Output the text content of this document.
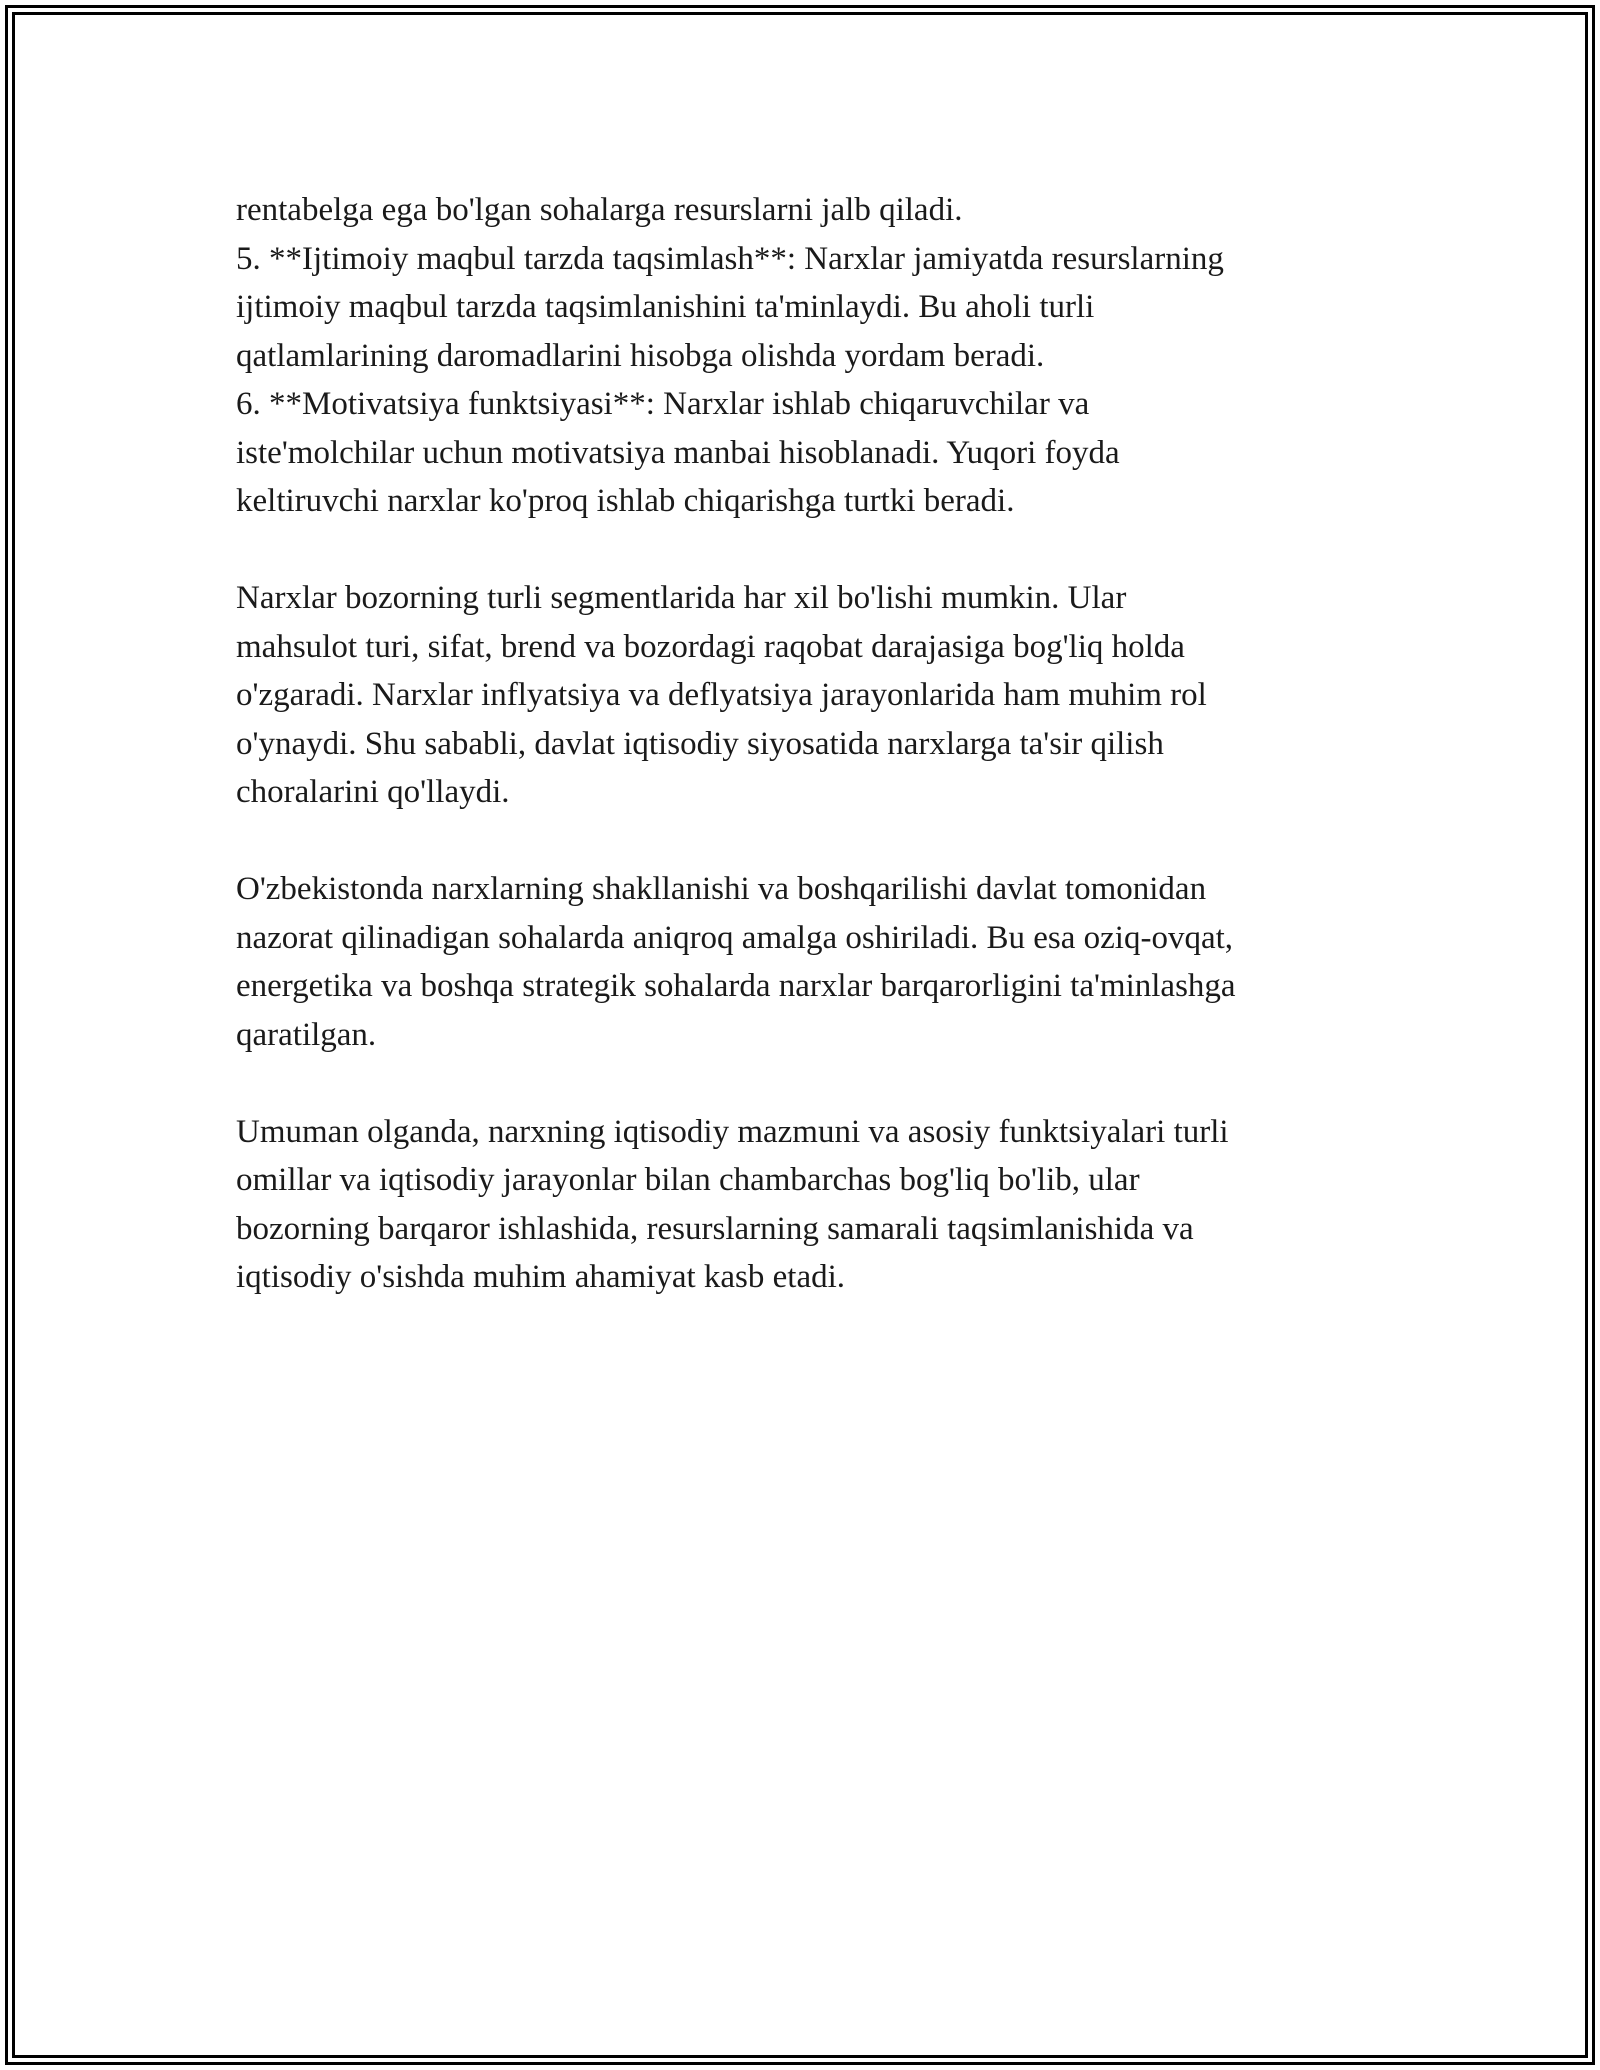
rentabelga ega bo'lgan sohalarga resurslarni jalb qiladi.

5. **Ijtimoiy maqbul tarzda taqsimlash**: Narxlar jamiyatda resurslarning

ijtimoiy maqbul tarzda taqsimlanishini ta'minlaydi. Bu aholi turli

qatlamlarining daromadlarini hisobga olishda yordam beradi.

6. **Motivatsiya funktsiyasi**: Narxlar ishlab chiqaruvchilar va

iste'molchilar uchun motivatsiya manbai hisoblanadi. Yuqori foyda

keltiruvchi narxlar ko'proq ishlab chiqarishga turtki beradi.

Narxlar bozorning turli segmentlarida har xil bo'lishi mumkin. Ular

mahsulot turi, sifat, brend va bozordagi raqobat darajasiga bog'liq holda

o'zgaradi. Narxlar inflyatsiya va deflyatsiya jarayonlarida ham muhim rol

o'ynaydi. Shu sababli, davlat iqtisodiy siyosatida narxlarga ta'sir qilish

choralarini qo'llaydi.

O'zbekistonda narxlarning shakllanishi va boshqarilishi davlat tomonidan

nazorat qilinadigan sohalarda aniqroq amalga oshiriladi. Bu esa oziq-ovqat,

energetika va boshqa strategik sohalarda narxlar barqarorligini ta'minlashga

qaratilgan.

Umuman olganda, narxning iqtisodiy mazmuni va asosiy funktsiyalari turli

omillar va iqtisodiy jarayonlar bilan chambarchas bog'liq bo'lib, ular

bozorning barqaror ishlashida, resurslarning samarali taqsimlanishida va

iqtisodiy o'sishda muhim ahamiyat kasb etadi.
